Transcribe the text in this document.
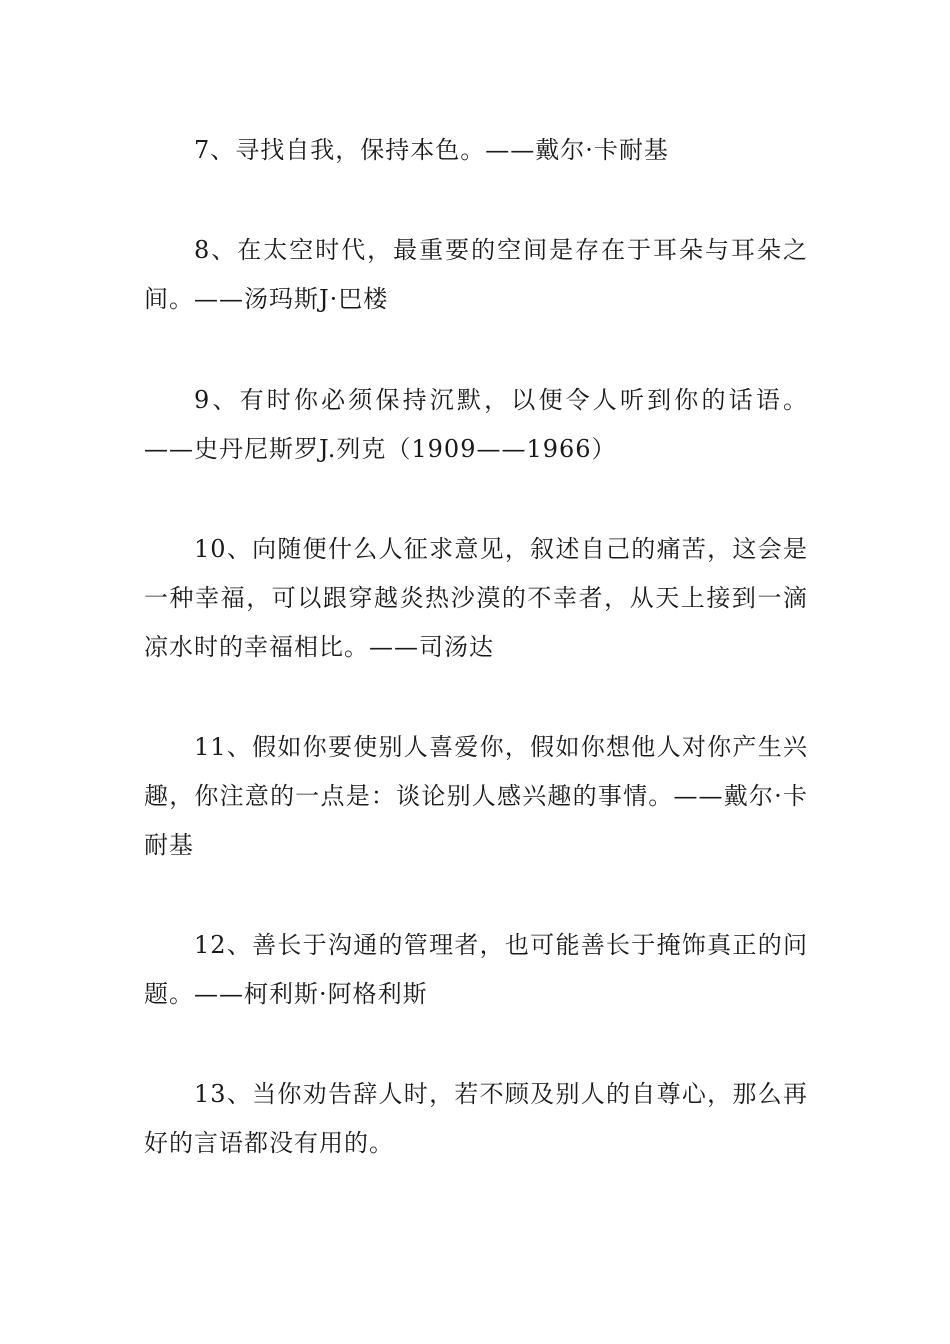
7、寻找自我，保持本色。——戴尔·卡耐基

8、在太空时代，最重要的空间是存在于耳朵与耳朵之间。——汤玛斯J·巴楼

9、有时你必须保持沉默，以便令人听到你的话语。——史丹尼斯罗J.列克（1909——1966）

10、向随便什么人征求意见，叙述自己的痛苦，这会是一种幸福，可以跟穿越炎热沙漠的不幸者，从天上接到一滴凉水时的幸福相比。——司汤达

11、假如你要使别人喜爱你，假如你想他人对你产生兴趣，你注意的一点是：谈论别人感兴趣的事情。——戴尔·卡耐基

12、善长于沟通的管理者，也可能善长于掩饰真正的问题。——柯利斯·阿格利斯

13、当你劝告辞人时，若不顾及别人的自尊心，那么再好的言语都没有用的。
